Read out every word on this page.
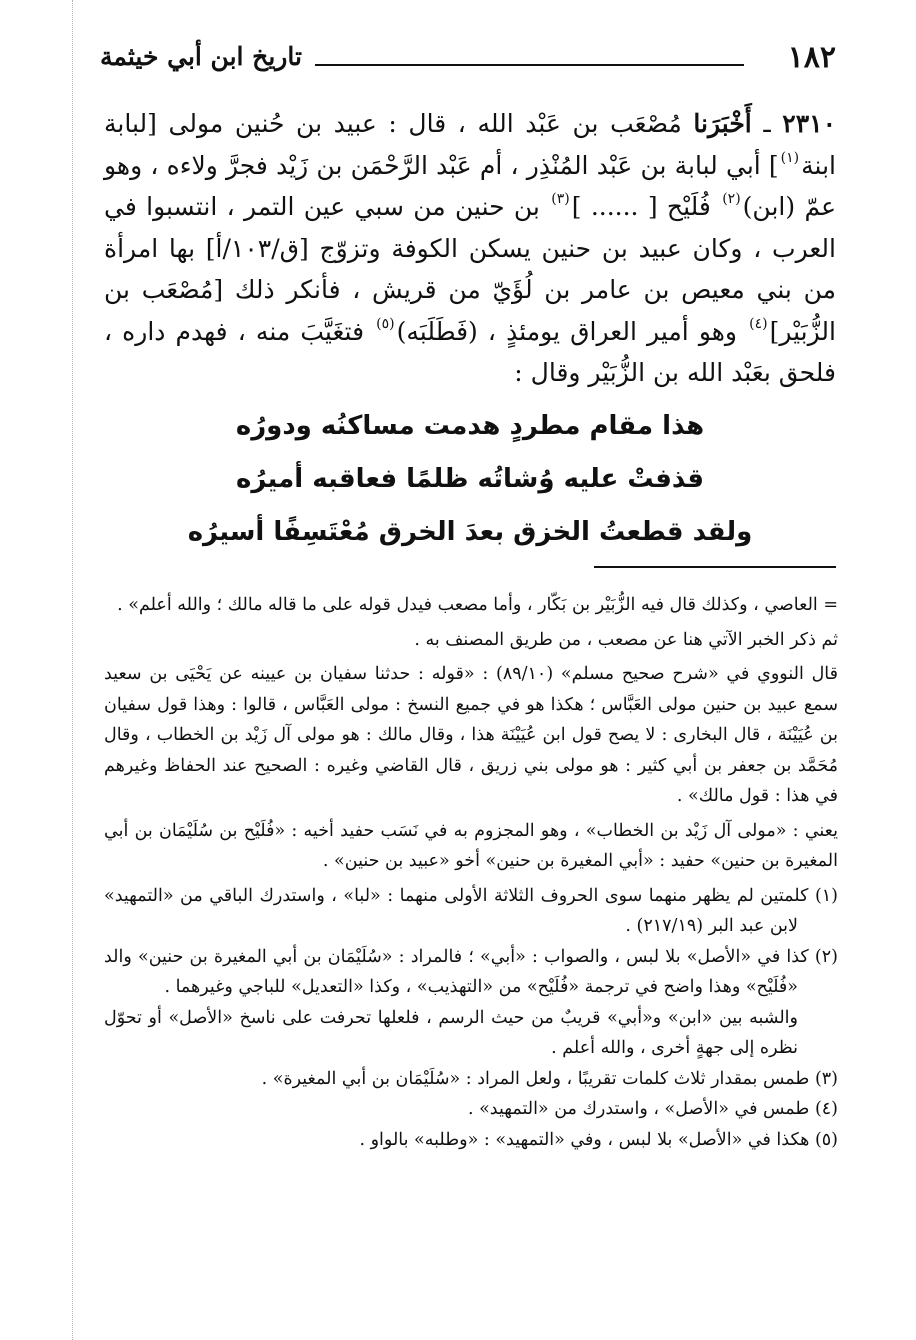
١٨٢
تاريخ ابن أبي خيثمة

٢٣١٠ ـ أَخْبَرَنا مُصْعَب بن عَبْد الله ، قال : عبيد بن حُنين مولى [لبابة ابنة$^{(١)}$] أبي لبابة بن عَبْد المُنْذِر ، أم عَبْد الرَّحْمَن بن زَيْد فجرَّ ولاءه ، وهو عمّ (ابن)$^{(٢)}$ فُلَيْح [ ...... ]$^{(٣)}$ بن حنين من سبي عين التمر ، انتسبوا في العرب ، وكان عبيد بن حنين يسكن الكوفة وتزوّج [ق/١٠٣/أ] بها امرأة من بني معيص بن عامر بن لُؤَيّ من قريش ، فأنكر ذلك [مُصْعَب بن الزُّبَيْر]$^{(٤)}$ وهو أمير العراق يومئذٍ ، (فَطَلَبَه)$^{(٥)}$ فتغَيَّبَ منه ، فهدم داره ، فلحق بعَبْد الله بن الزُّبَيْر وقال :

هذا مقام مطردٍ هدمت مساكنُه ودورُه
قذفتْ عليه وُشاتُه ظلمًا فعاقبه أميرُه
ولقد قطعتُ الخزق بعدَ الخرق مُعْتَسِفًا أسيرُه

= العاصي ، وكذلك قال فيه الزُّبَيْر بن بَكّار ، وأما مصعب فيدل قوله على ما قاله مالك ؛ والله أعلم» .

ثم ذكر الخبر الآتي هنا عن مصعب ، من طريق المصنف به .

قال النووي في «شرح صحيح مسلم» (٨٩/١٠) : «قوله : حدثنا سفيان بن عيينه عن يَحْيَى بن سعيد سمع عبيد بن حنين مولى العَبَّاس ؛ هكذا هو في جميع النسخ : مولى العَبَّاس ، قالوا : وهذا قول سفيان بن عُيَيْنَة ، قال البخارى : لا يصح قول ابن عُيَيْنَة هذا ، وقال مالك : هو مولى آل زَيْد بن الخطاب ، وقال مُحَمَّد بن جعفر بن أبي كثير : هو مولى بني زريق ، قال القاضي وغيره : الصحيح عند الحفاظ وغيرهم في هذا : قول مالك» .

يعني : «مولى آل زَيْد بن الخطاب» ، وهو المجزوم به في نَسَب حفيد أخيه : «فُلَيْح بن سُلَيْمَان بن أبي المغيرة بن حنين» حفيد : «أبي المغيرة بن حنين» أخو «عبيد بن حنين» .

(١) كلمتين لم يظهر منهما سوى الحروف الثلاثة الأولى منهما : «لبا» ، واستدرك الباقي من «التمهيد» لابن عبد البر (٢١٧/١٩) .

(٢) كذا في «الأصل» بلا لبس ، والصواب : «أبي» ؛ فالمراد : «سُلَيْمَان بن أبي المغيرة بن حنين» والد «فُلَيْح» وهذا واضح في ترجمة «فُلَيْح» من «التهذيب» ، وكذا «التعديل» للباجي وغيرهما .

والشبه بين «ابن» و«أبي» قريبٌ من حيث الرسم ، فلعلها تحرفت على ناسخ «الأصل» أو تحوّل نظره إلى جهةٍ أخرى ، والله أعلم .

(٣) طمس بمقدار ثلاث كلمات تقريبًا ، ولعل المراد : «سُلَيْمَان بن أبي المغيرة» .

(٤) طمس في «الأصل» ، واستدرك من «التمهيد» .

(٥) هكذا في «الأصل» بلا لبس ، وفي «التمهيد» : «وطلبه» بالواو .
